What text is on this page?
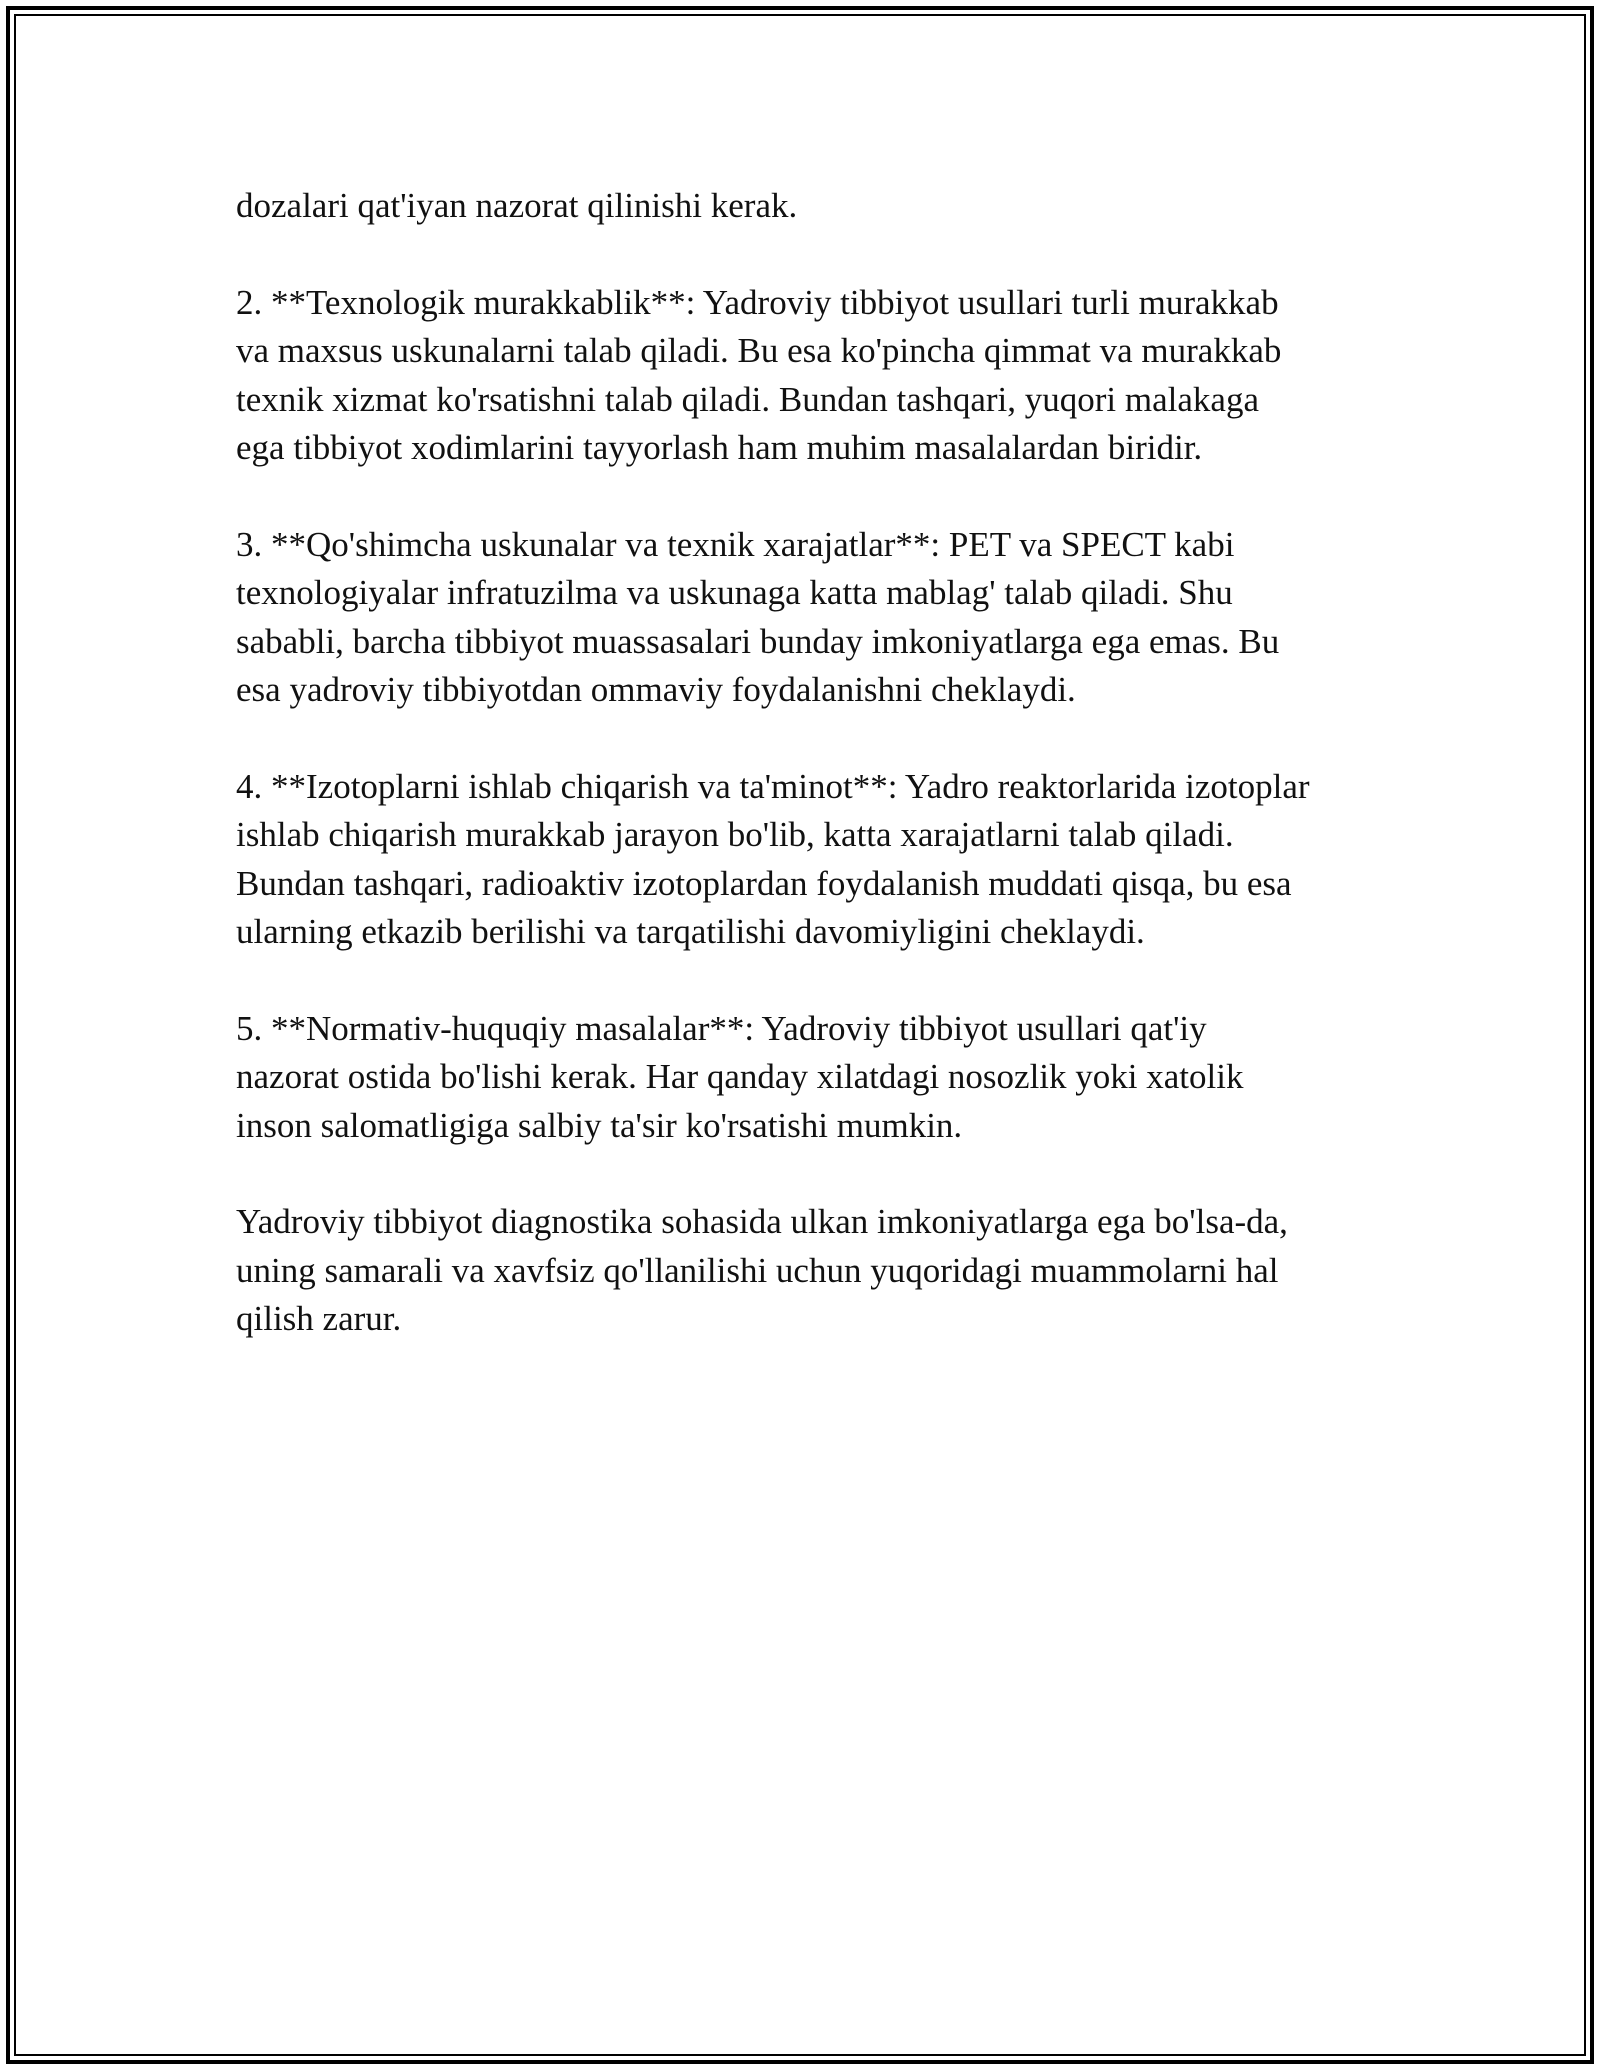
dozalari qat'iyan nazorat qilinishi kerak.

2. **Texnologik murakkablik**: Yadroviy tibbiyot usullari turli murakkab
va maxsus uskunalarni talab qiladi. Bu esa ko'pincha qimmat va murakkab
texnik xizmat ko'rsatishni talab qiladi. Bundan tashqari, yuqori malakaga
ega tibbiyot xodimlarini tayyorlash ham muhim masalalardan biridir.

3. **Qo'shimcha uskunalar va texnik xarajatlar**: PET va SPECT kabi
texnologiyalar infratuzilma va uskunaga katta mablag' talab qiladi. Shu
sababli, barcha tibbiyot muassasalari bunday imkoniyatlarga ega emas. Bu
esa yadroviy tibbiyotdan ommaviy foydalanishni cheklaydi.

4. **Izotoplarni ishlab chiqarish va ta'minot**: Yadro reaktorlarida izotoplar
ishlab chiqarish murakkab jarayon bo'lib, katta xarajatlarni talab qiladi.
Bundan tashqari, radioaktiv izotoplardan foydalanish muddati qisqa, bu esa
ularning etkazib berilishi va tarqatilishi davomiyligini cheklaydi.

5. **Normativ-huquqiy masalalar**: Yadroviy tibbiyot usullari qat'iy
nazorat ostida bo'lishi kerak. Har qanday xilatdagi nosozlik yoki xatolik
inson salomatligiga salbiy ta'sir ko'rsatishi mumkin.

Yadroviy tibbiyot diagnostika sohasida ulkan imkoniyatlarga ega bo'lsa-da,
uning samarali va xavfsiz qo'llanilishi uchun yuqoridagi muammolarni hal
qilish zarur.
